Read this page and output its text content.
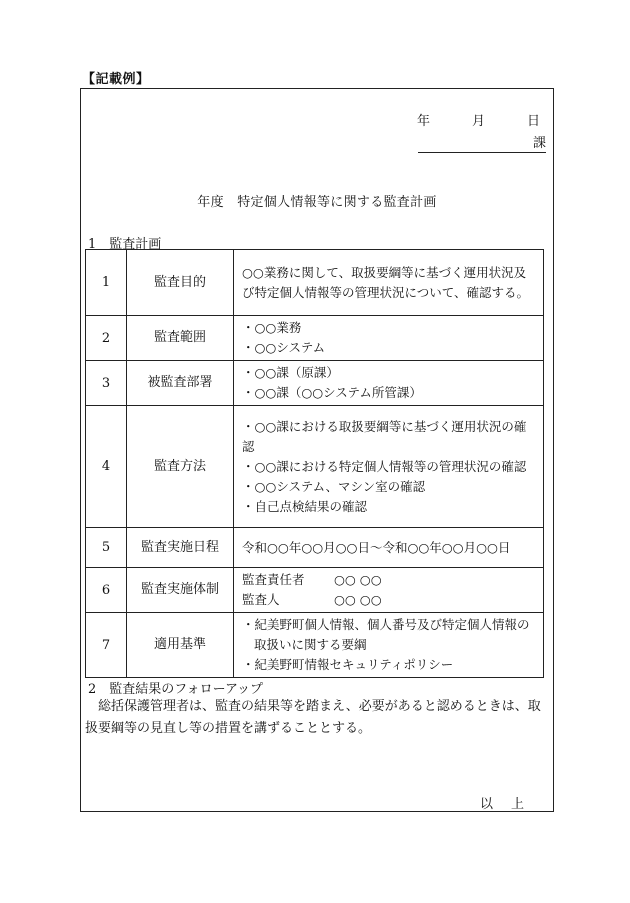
【記載例】
年	月	日
課
年度　特定個人情報等に関する監査計画
1　監査計画
1	監査目的	○○業務に関して、取扱要綱等に基づく運用状況及び特定個人情報等の管理状況について、確認する。

2	監査範囲	・○○業務
・○○システム

3	被監査部署	・○○課（原課）
・○○課（○○システム所管課）

4	監査方法	・○○課における取扱要綱等に基づく運用状況の確認
・○○課における特定個人情報等の管理状況の確認
・○○システム、マシン室の確認
・自己点検結果の確認

5	監査実施日程	令和○○年○○月○○日～令和○○年○○月○○日

6	監査実施体制	監査責任者 ○○ ○○
監査人 ○○ ○○

7	適用基準	・紀美野町個人情報、個人番号及び特定個人情報の取扱いに関する要綱
・紀美野町情報セキュリティポリシー
2　監査結果のフォローアップ
総括保護管理者は、監査の結果等を踏まえ、必要があると認めるときは、取扱要綱等の見直し等の措置を講ずることとする。
以上
